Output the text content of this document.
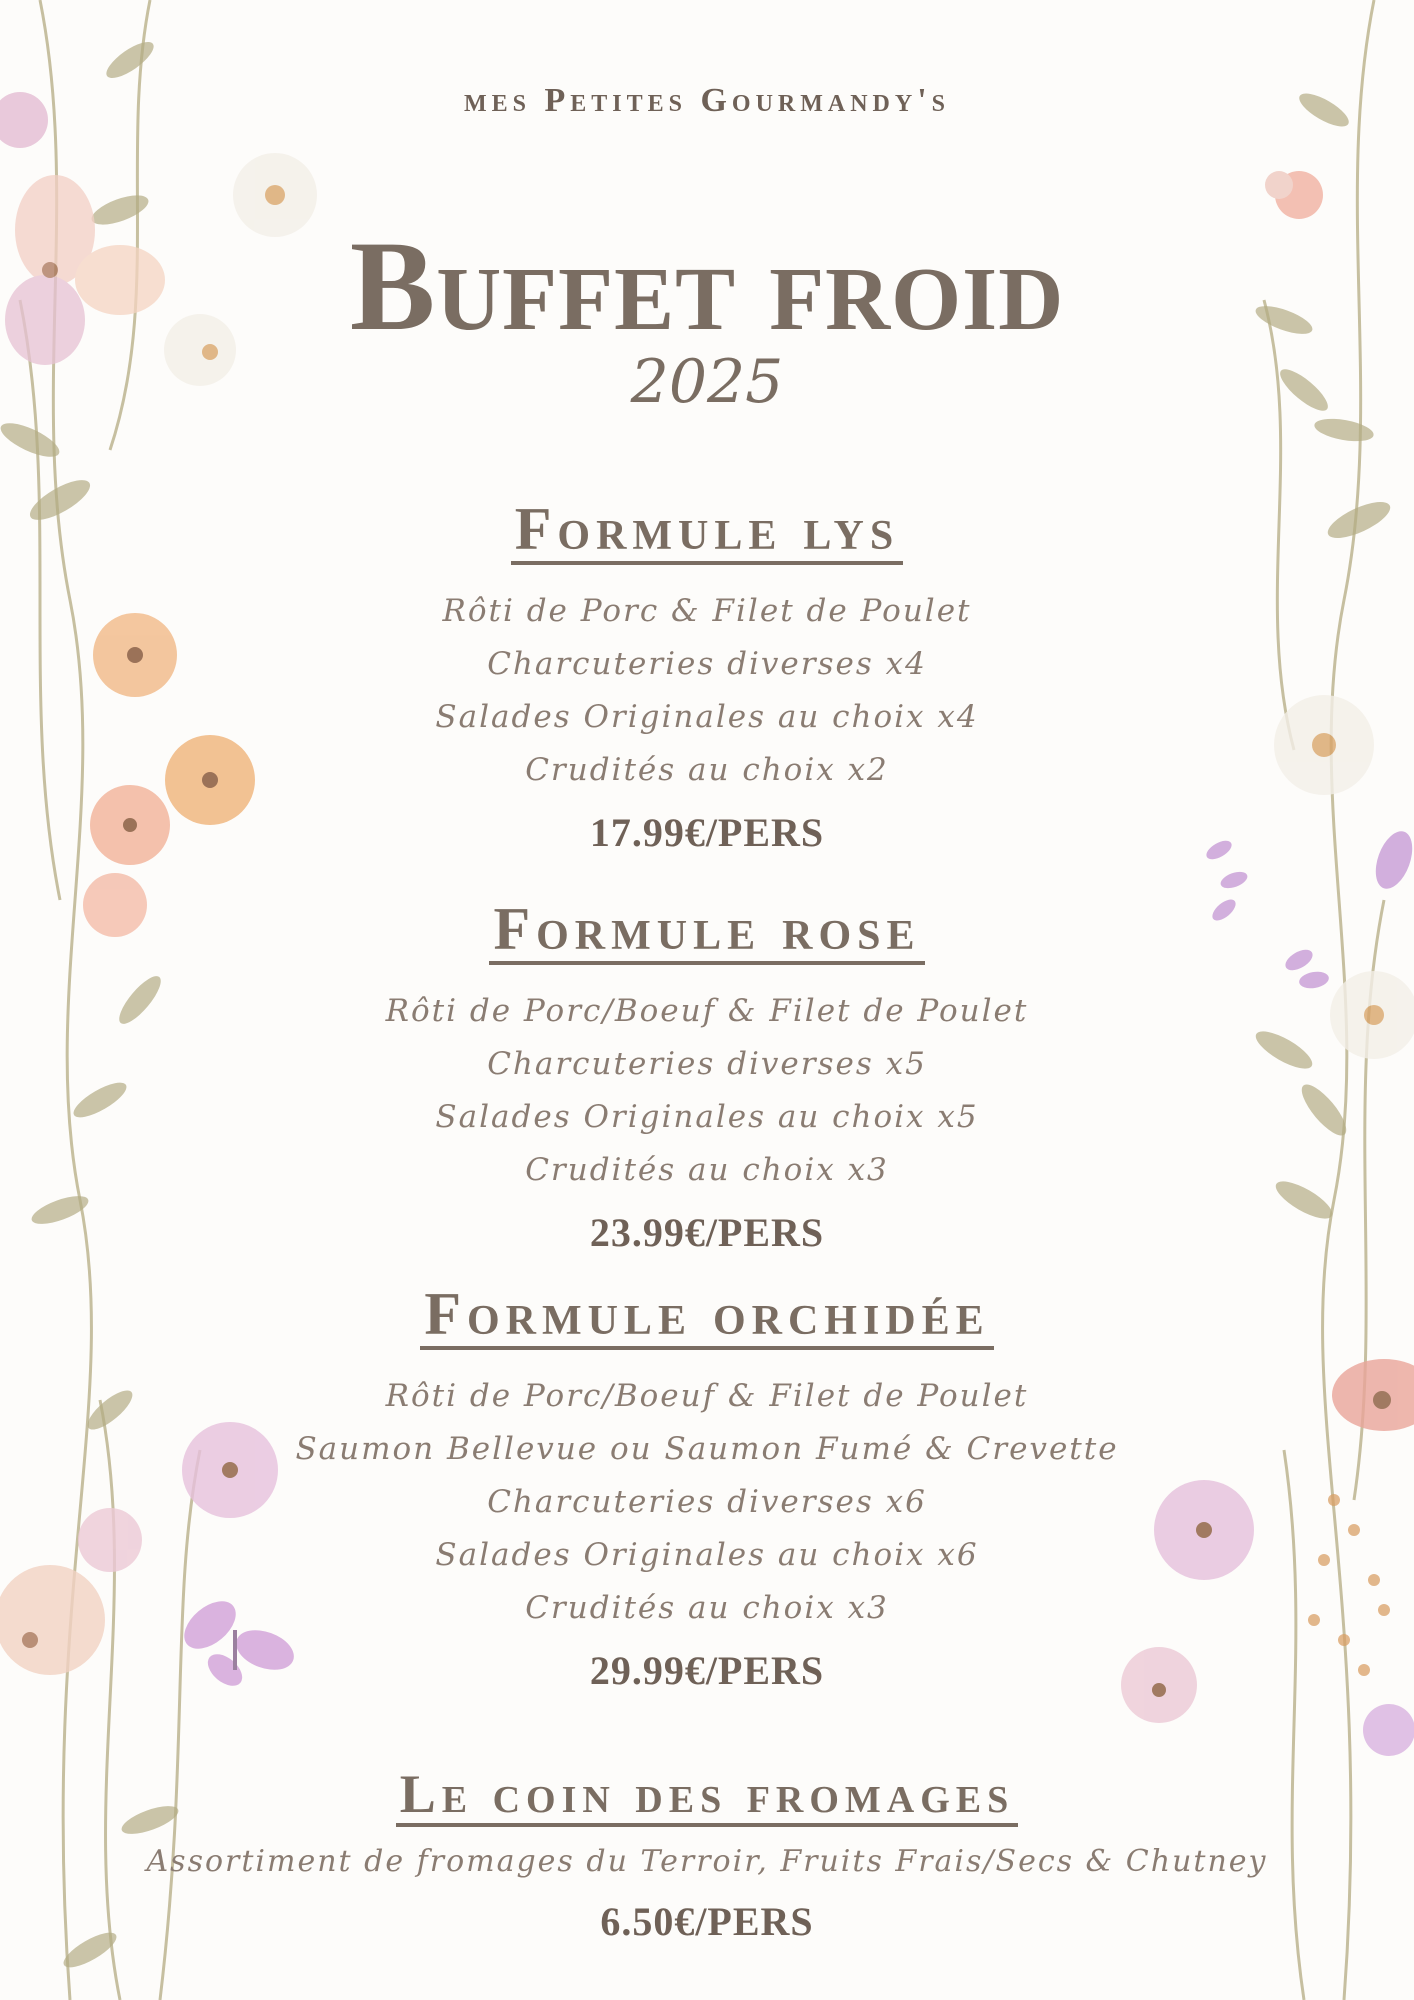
mes Petites Gourmandy's
Buffet froid
2025
Formule lys
Rôti de Porc & Filet de Poulet
Charcuteries diverses x4
Salades Originales au choix x4
Crudités au choix x2
17.99€/PERS
Formule rose
Rôti de Porc/Boeuf & Filet de Poulet
Charcuteries diverses x5
Salades Originales au choix x5
Crudités au choix x3
23.99€/PERS
Formule orchidée
Rôti de Porc/Boeuf & Filet de Poulet
Saumon Bellevue ou Saumon Fumé & Crevette
Charcuteries diverses x6
Salades Originales au choix x6
Crudités au choix x3
29.99€/PERS
Le coin des fromages
Assortiment de fromages du Terroir, Fruits Frais/Secs & Chutney
6.50€/PERS
